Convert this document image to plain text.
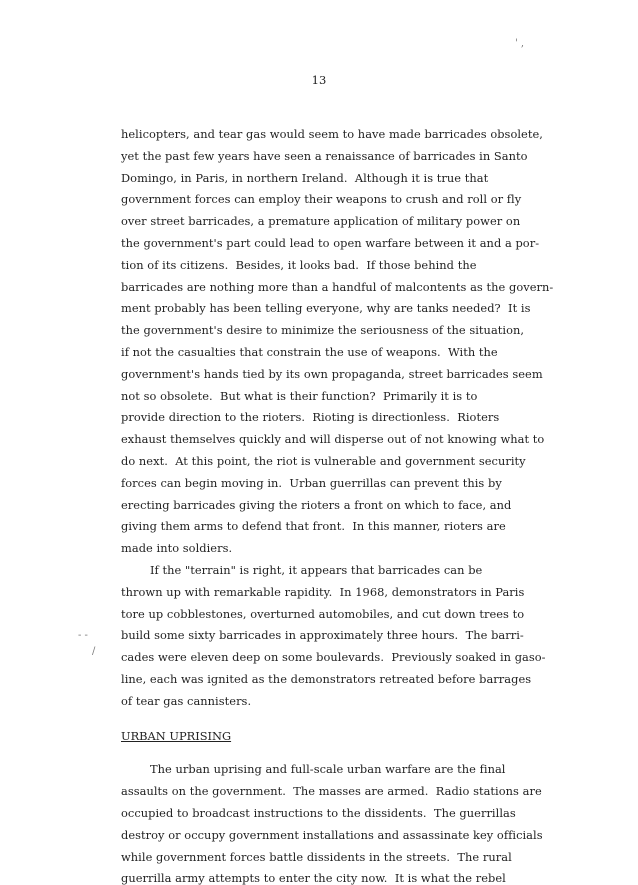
13
' ,
- -
/
helicopters, and tear gas would seem to have made barricades obsolete,
yet the past few years have seen a renaissance of barricades in Santo
Domingo, in Paris, in northern Ireland.  Although it is true that
government forces can employ their weapons to crush and roll or fly
over street barricades, a premature application of military power on
the government's part could lead to open warfare between it and a por-
tion of its citizens.  Besides, it looks bad.  If those behind the
barricades are nothing more than a handful of malcontents as the govern-
ment probably has been telling everyone, why are tanks needed?  It is
the government's desire to minimize the seriousness of the situation,
if not the casualties that constrain the use of weapons.  With the
government's hands tied by its own propaganda, street barricades seem
not so obsolete.  But what is their function?  Primarily it is to
provide direction to the rioters.  Rioting is directionless.  Rioters
exhaust themselves quickly and will disperse out of not knowing what to
do next.  At this point, the riot is vulnerable and government security
forces can begin moving in.  Urban guerrillas can prevent this by
erecting barricades giving the rioters a front on which to face, and
giving them arms to defend that front.  In this manner, rioters are
made into soldiers.
If the "terrain" is right, it appears that barricades can be
thrown up with remarkable rapidity.  In 1968, demonstrators in Paris
tore up cobblestones, overturned automobiles, and cut down trees to
build some sixty barricades in approximately three hours.  The barri-
cades were eleven deep on some boulevards.  Previously soaked in gaso-
line, each was ignited as the demonstrators retreated before barrages
of tear gas cannisters.
URBAN UPRISING
The urban uprising and full-scale urban warfare are the final
assaults on the government.  The masses are armed.  Radio stations are
occupied to broadcast instructions to the dissidents.  The guerrillas
destroy or occupy government installations and assassinate key officials
while government forces battle dissidents in the streets.  The rural
guerrilla army attempts to enter the city now.  It is what the rebel
